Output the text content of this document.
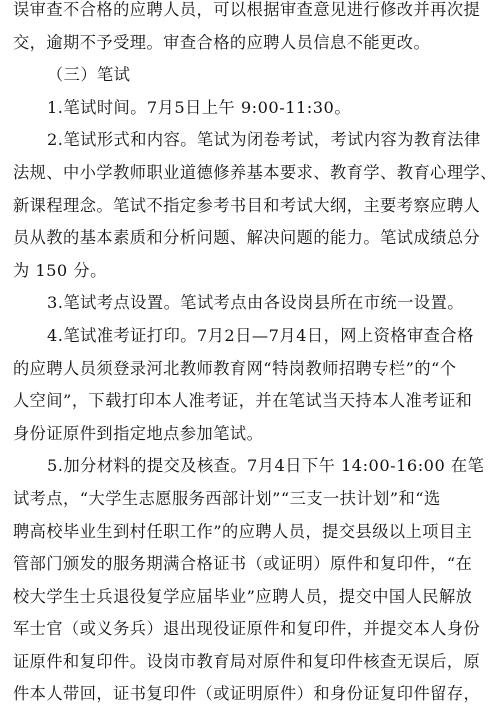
误审查不合格的应聘人员，可以根据审查意见进行修改并再次提
交，逾期不予受理。审查合格的应聘人员信息不能更改。
（三）笔试
1.笔试时间。7月5日上午 9:00-11:30。
2.笔试形式和内容。笔试为闭卷考试，考试内容为教育法律
法规、中小学教师职业道德修养基本要求、教育学、教育心理学、
新课程理念。笔试不指定参考书目和考试大纲，主要考察应聘人
员从教的基本素质和分析问题、解决问题的能力。笔试成绩总分
为 150 分。
3.笔试考点设置。笔试考点由各设岗县所在市统一设置。
4.笔试准考证打印。7月2日—7月4日，网上资格审查合格
的应聘人员须登录河北教师教育网“特岗教师招聘专栏”的“个
人空间”，下载打印本人准考证，并在笔试当天持本人准考证和
身份证原件到指定地点参加笔试。
5.加分材料的提交及核查。7月4日下午 14:00-16:00 在笔
试考点，“大学生志愿服务西部计划”“三支一扶计划”和“选
聘高校毕业生到村任职工作”的应聘人员，提交县级以上项目主
管部门颁发的服务期满合格证书（或证明）原件和复印件，“在
校大学生士兵退役复学应届毕业”应聘人员，提交中国人民解放
军士官（或义务兵）退出现役证原件和复印件，并提交本人身份
证原件和复印件。设岗市教育局对原件和复印件核查无误后，原
件本人带回，证书复印件（或证明原件）和身份证复印件留存，
